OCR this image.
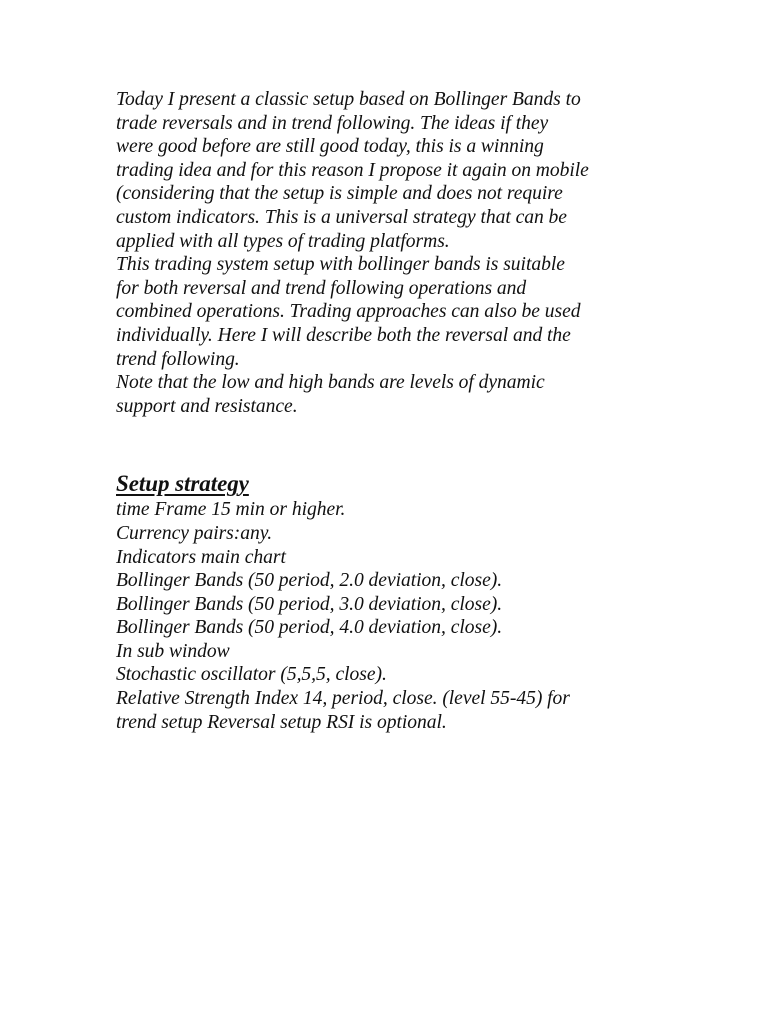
Today I present a classic setup based on Bollinger Bands to
trade reversals and in trend following. The ideas if they
were good before are still good today, this is a winning
trading idea and for this reason I propose it again on mobile
(considering that the setup is simple and does not require
custom indicators. This is a universal strategy that can be
applied with all types of trading platforms.

This trading system setup with bollinger bands is suitable
for both reversal and trend following operations and
combined operations. Trading approaches can also be used
individually. Here I will describe both the reversal and the
trend following.

Note that the low and high bands are levels of dynamic
support and resistance.

Setup strategy
time Frame 15 min or higher.
Currency pairs:any.
Indicators main chart
Bollinger Bands (50 period, 2.0 deviation, close).
Bollinger Bands (50 period, 3.0 deviation, close).
Bollinger Bands (50 period, 4.0 deviation, close).
In sub window
Stochastic oscillator (5,5,5, close).
Relative Strength Index 14, period, close. (level 55-45) for
trend setup Reversal setup RSI is optional.
